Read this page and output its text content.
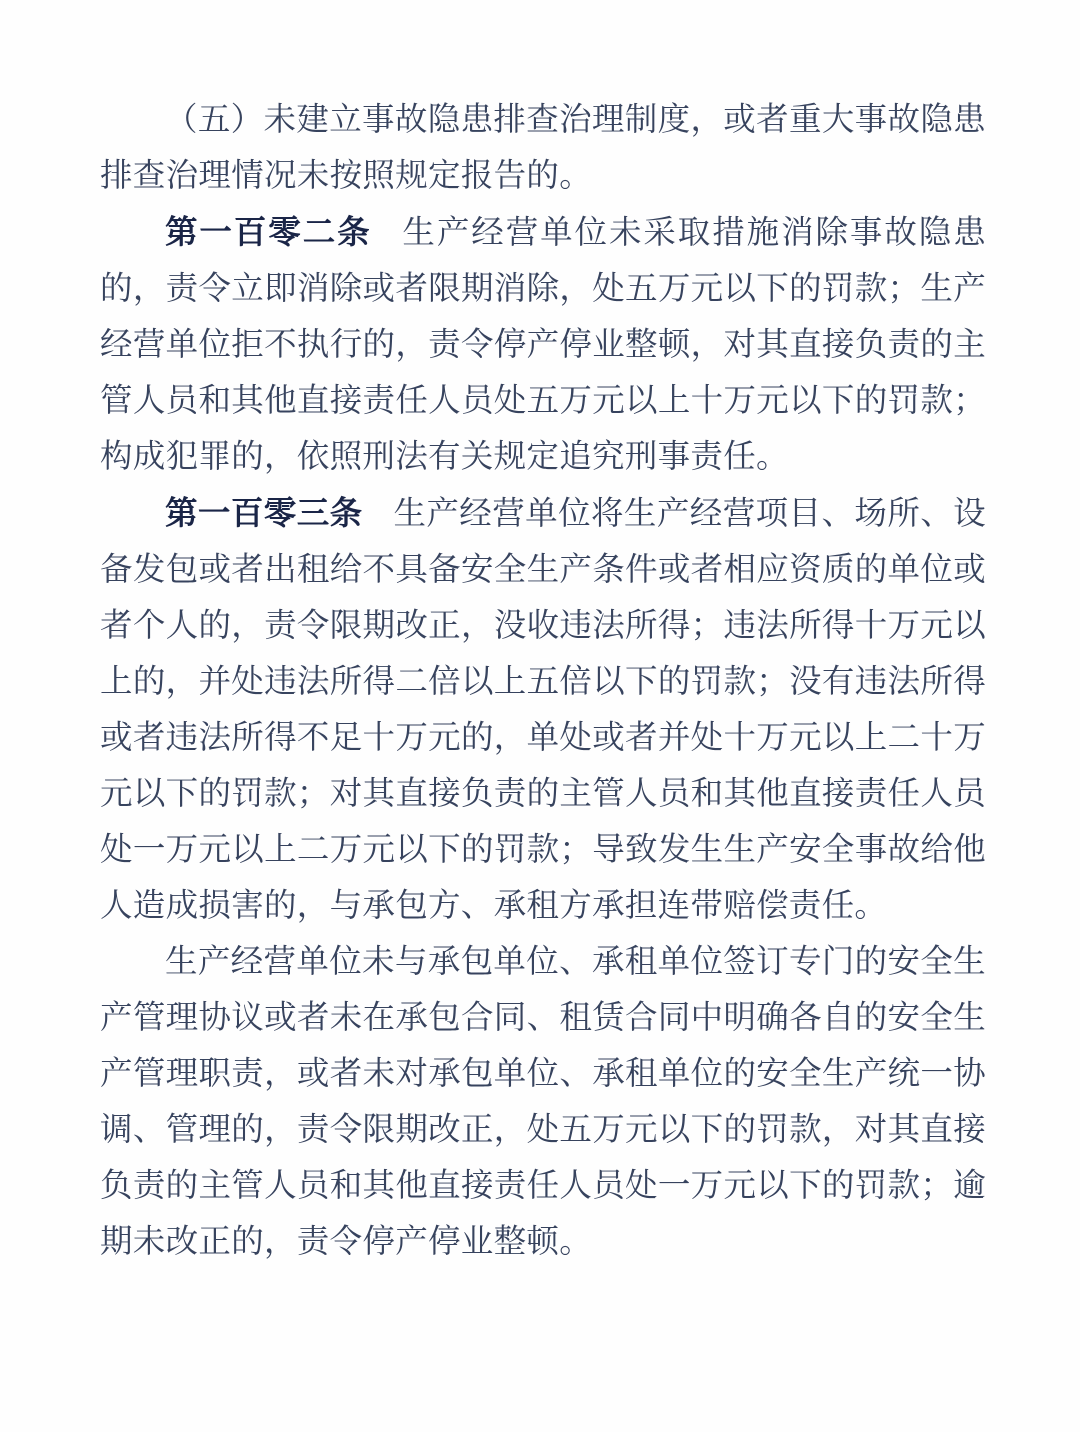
（五）未建立事故隐患排查治理制度，或者重大事故隐患排查治理情况未按照规定报告的。

第一百零二条 生产经营单位未采取措施消除事故隐患的，责令立即消除或者限期消除，处五万元以下的罚款；生产经营单位拒不执行的，责令停产停业整顿，对其直接负责的主管人员和其他直接责任人员处五万元以上十万元以下的罚款；构成犯罪的，依照刑法有关规定追究刑事责任。

第一百零三条 生产经营单位将生产经营项目、场所、设备发包或者出租给不具备安全生产条件或者相应资质的单位或者个人的，责令限期改正，没收违法所得；违法所得十万元以上的，并处违法所得二倍以上五倍以下的罚款；没有违法所得或者违法所得不足十万元的，单处或者并处十万元以上二十万元以下的罚款；对其直接负责的主管人员和其他直接责任人员处一万元以上二万元以下的罚款；导致发生生产安全事故给他人造成损害的，与承包方、承租方承担连带赔偿责任。

生产经营单位未与承包单位、承租单位签订专门的安全生产管理协议或者未在承包合同、租赁合同中明确各自的安全生产管理职责，或者未对承包单位、承租单位的安全生产统一协调、管理的，责令限期改正，处五万元以下的罚款，对其直接负责的主管人员和其他直接责任人员处一万元以下的罚款；逾期未改正的，责令停产停业整顿。
